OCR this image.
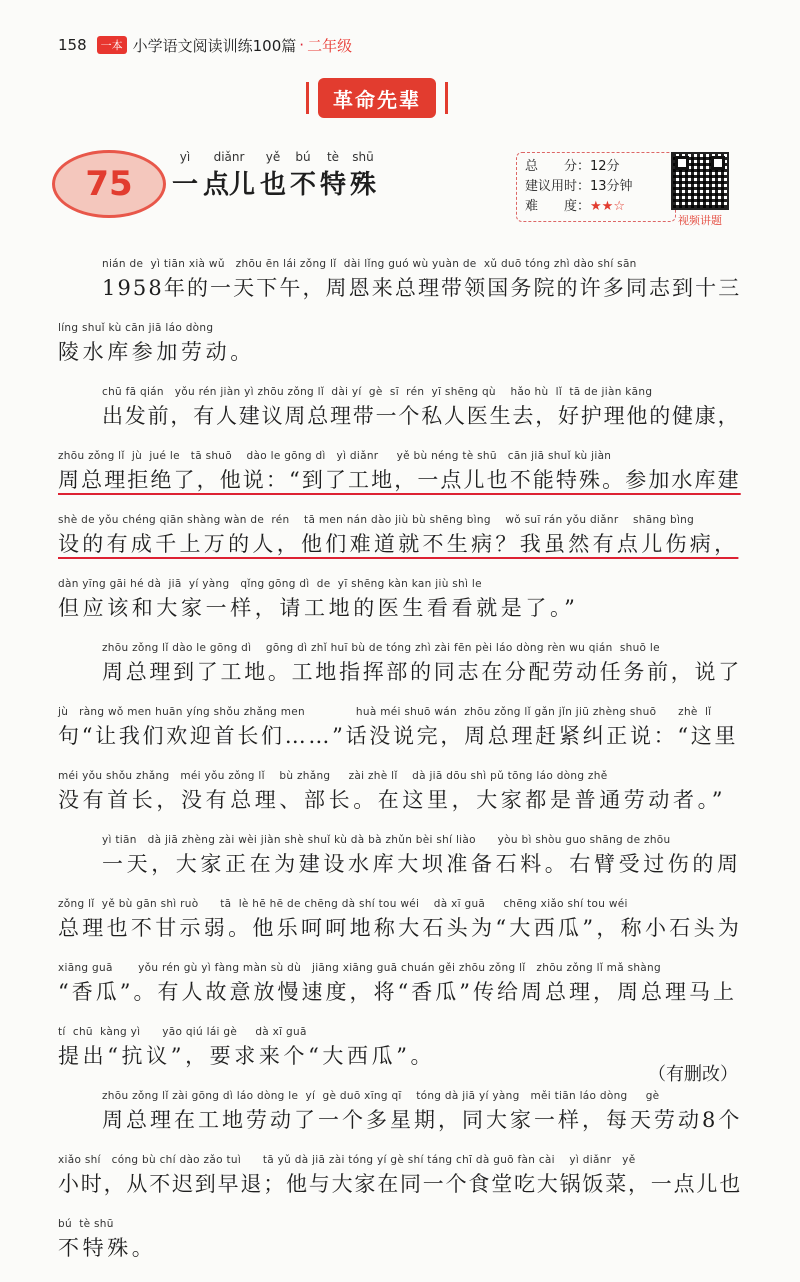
158	一本 小学语文阅读训练100篇 · 二年级
革命先辈
75
yì	diǎnr	yě	bú	tè	shū
一 点儿 也 不 特 殊
总　　分：12分
建议用时：13分钟
难　　度：★★☆
视频讲题
nián de  yì tiān xià wǔ   zhōu ēn lái zǒng lǐ  dài lǐng guó wù yuàn de  xǔ duō tóng zhì dào shí sān
1958年的一天下午，周恩来总理带领国务院的许多同志到十三
líng shuǐ kù cān jiā láo dòng
陵水库参加劳动。
chū fā qián   yǒu rén jiàn yì zhōu zǒng lǐ  dài yí  gè  sī  rén  yī shēng qù    hǎo hù  lǐ  tā de jiàn kāng
出发前，有人建议周总理带一个私人医生去，好护理他的健康，
zhōu zǒng lǐ  jù  jué le   tā shuō    dào le gōng dì   yì diǎnr     yě bù néng tè shū   cān jiā shuǐ kù jiàn
周总理拒绝了，他说：“到了工地，一点儿也不能特殊。参加水库建
shè de yǒu chéng qiān shàng wàn de  rén    tā men nán dào jiù bù shēng bìng    wǒ suī rán yǒu diǎnr    shāng bìng
设的有成千上万的人，他们难道就不生病？我虽然有点儿伤病，
dàn yīng gāi hé dà  jiā  yí yàng   qǐng gōng dì  de  yī shēng kàn kan jiù shì le
但应该和大家一样，请工地的医生看看就是了。”
zhōu zǒng lǐ dào le gōng dì    gōng dì zhǐ huī bù de tóng zhì zài fēn pèi láo dòng rèn wu qián  shuō le
周总理到了工地。工地指挥部的同志在分配劳动任务前，说了
jù   ràng wǒ men huān yíng shǒu zhǎng men              huà méi shuō wán  zhōu zǒng lǐ gǎn jǐn jiū zhèng shuō      zhè  lǐ
句“让我们欢迎首长们……”话没说完，周总理赶紧纠正说：“这里
méi yǒu shǒu zhǎng   méi yǒu zǒng lǐ    bù zhǎng     zài zhè lǐ    dà jiā dōu shì pǔ tōng láo dòng zhě
没有首长，没有总理、部长。在这里，大家都是普通劳动者。”
yì tiān   dà jiā zhèng zài wèi jiàn shè shuǐ kù dà bà zhǔn bèi shí liào      yòu bì shòu guo shāng de zhōu
一天，大家正在为建设水库大坝准备石料。右臂受过伤的周
zǒng lǐ  yě bù gān shì ruò      tā  lè hē hē de chēng dà shí tou wéi    dà xī guā     chēng xiǎo shí tou wéi
总理也不甘示弱。他乐呵呵地称大石头为“大西瓜”，称小石头为
xiāng guā       yǒu rén gù yì fàng màn sù dù   jiāng xiāng guā chuán gěi zhōu zǒng lǐ   zhōu zǒng lǐ mǎ shàng
“香瓜”。有人故意放慢速度，将“香瓜”传给周总理，周总理马上
tí  chū  kàng yì      yāo qiú lái gè     dà xī guā
提出“抗议”，要求来个“大西瓜”。
zhōu zǒng lǐ zài gōng dì láo dòng le  yí  gè duō xīng qī    tóng dà jiā yí yàng   měi tiān láo dòng     gè
周总理在工地劳动了一个多星期，同大家一样，每天劳动8个
xiǎo shí   cóng bù chí dào zǎo tuì      tā yǔ dà jiā zài tóng yí gè shí táng chī dà guō fàn cài    yì diǎnr   yě
小时，从不迟到早退；他与大家在同一个食堂吃大锅饭菜，一点儿也
bú  tè shū
不特殊。
（有删改）
